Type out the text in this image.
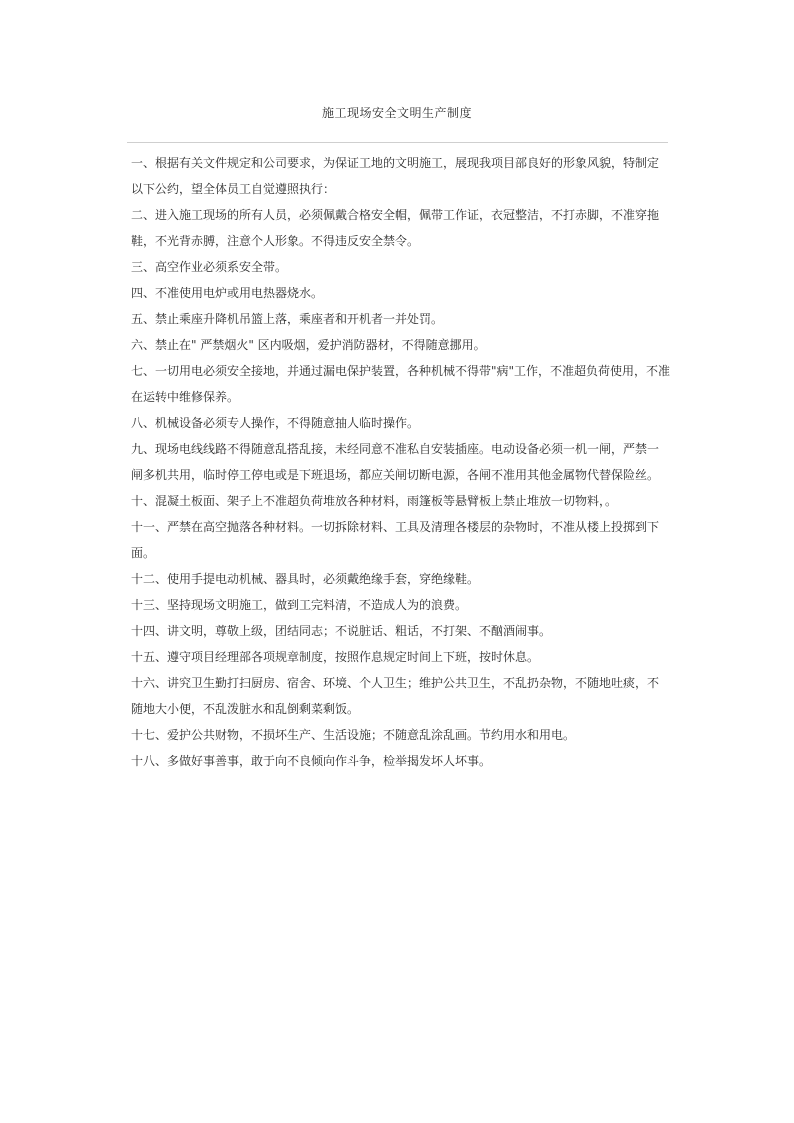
施工现场安全文明生产制度

一、根据有关文件规定和公司要求，为保证工地的文明施工，展现我项目部良好的形象风貌，特制定
以下公约，望全体员工自觉遵照执行：

二、进入施工现场的所有人员，必须佩戴合格安全帽，佩带工作证，衣冠整洁，不打赤脚，不准穿拖
鞋，不光背赤膊，注意个人形象。不得违反安全禁令。

三、高空作业必须系安全带。

四、不准使用电炉或用电热器烧水。

五、禁止乘座升降机吊篮上落，乘座者和开机者一并处罚。

六、禁止在" 严禁烟火" 区内吸烟，爱护消防器材，不得随意挪用。

七、一切用电必须安全接地，并通过漏电保护装置，各种机械不得带"病"工作，不准超负荷使用，不准
在运转中维修保养。

八、机械设备必须专人操作，不得随意抽人临时操作。

九、现场电线线路不得随意乱搭乱接，未经同意不准私自安装插座。电动设备必须一机一闸，严禁一
闸多机共用，临时停工停电或是下班退场，都应关闸切断电源，各闸不准用其他金属物代替保险丝。

十、混凝土板面、架子上不准超负荷堆放各种材料，雨篷板等悬臂板上禁止堆放一切物料，。

十一、严禁在高空抛落各种材料。一切拆除材料、工具及清理各楼层的杂物时，不准从楼上投掷到下
面。

十二、使用手提电动机械、器具时，必须戴绝缘手套，穿绝缘鞋。

十三、坚持现场文明施工，做到工完料清，不造成人为的浪费。

十四、讲文明，尊敬上级，团结同志；不说脏话、粗话，不打架、不酗酒闹事。

十五、遵守项目经理部各项规章制度，按照作息规定时间上下班，按时休息。

十六、讲究卫生勤打扫厨房、宿舍、环境、个人卫生；维护公共卫生，不乱扔杂物，不随地吐痰，不
随地大小便，不乱泼脏水和乱倒剩菜剩饭。

十七、爱护公共财物，不损坏生产、生活设施；不随意乱涂乱画。节约用水和用电。

十八、多做好事善事，敢于向不良倾向作斗争，检举揭发坏人坏事。
